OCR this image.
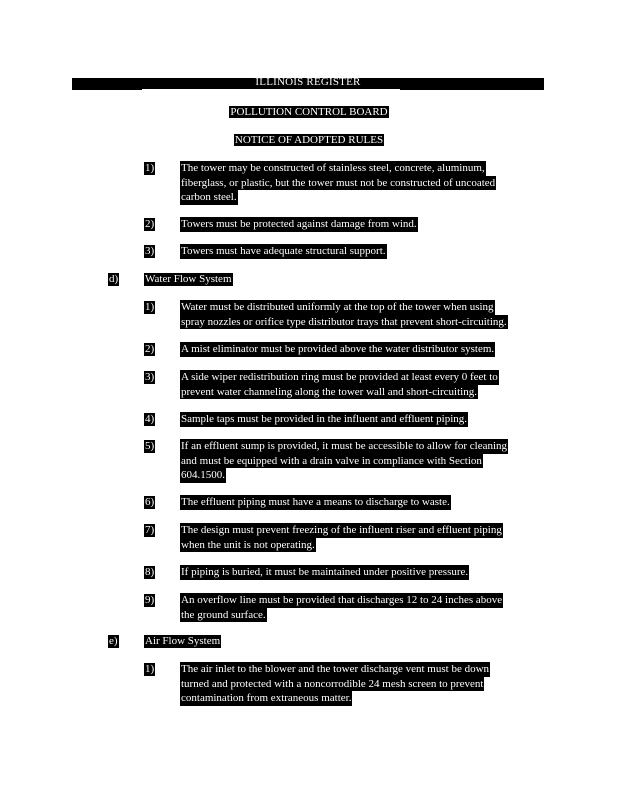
ILLINOIS REGISTER
POLLUTION CONTROL BOARD
NOTICE OF ADOPTED RULES
1) The tower may be constructed of stainless steel, concrete, aluminum,
fiberglass, or plastic, but the tower must not be constructed of uncoated
carbon steel.
2) Towers must be protected against damage from wind.
3) Towers must have adequate structural support.
d) Water Flow System
1) Water must be distributed uniformly at the top of the tower when using
spray nozzles or orifice type distributor trays that prevent short-circuiting.
2) A mist eliminator must be provided above the water distributor system.
3) A side wiper redistribution ring must be provided at least every 0 feet to
prevent water channeling along the tower wall and short-circuiting.
4) Sample taps must be provided in the influent and effluent piping.
5) If an effluent sump is provided, it must be accessible to allow for cleaning
and must be equipped with a drain valve in compliance with Section
604.1500.
6) The effluent piping must have a means to discharge to waste.
7) The design must prevent freezing of the influent riser and effluent piping
when the unit is not operating.
8) If piping is buried, it must be maintained under positive pressure.
9) An overflow line must be provided that discharges 12 to 24 inches above
the ground surface.
e) Air Flow System
1) The air inlet to the blower and the tower discharge vent must be down
turned and protected with a noncorrodible 24 mesh screen to prevent
contamination from extraneous matter.
